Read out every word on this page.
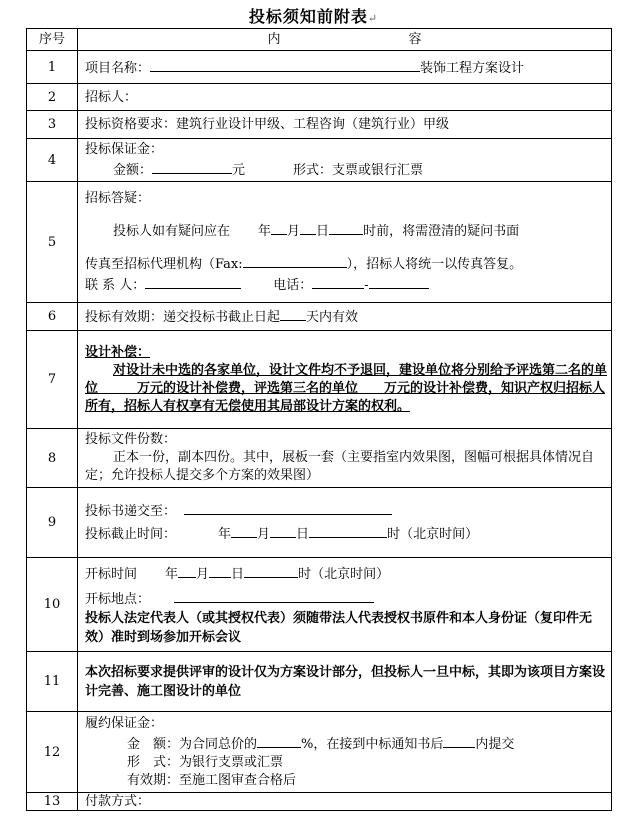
投标须知前附表↵
序号	内 容
1	项目名称： 装饰工程方案设计
2	招标人：
3	投标资格要求：建筑行业设计甲级、工程咨询（建筑行业）甲级
4	投标保证金：
金额： 元 形式：支票或银行汇票

5	招标答疑：
投标人如有疑问应在 年 月 日 时前，将需澄清的疑问书面
传真至招标代理机构（Fax: ），招标人将统一以传真答复。
联 系 人： 电话： -

6	投标有效期：递交投标书截止日起 天内有效
7	设计补偿：
对设计未中选的各家单位，设计文件均不予退回，建设单位将分别给予评选第二名的单位　　　万元的设计补偿费，评选第三名的单位　　万元的设计补偿费，知识产权归招标人所有，招标人有权享有无偿使用其局部设计方案的权利。

8	投标文件份数：
正本一份，副本四份。其中，展板一套（主要指室内效果图，图幅可根据具体情况自定；允许投标人提交多个方案的效果图）

9	投标书递交至：
投标截止时间： 年 月 日 时（北京时间）

10	开标时间 年 月 日 时（北京时间）
开标地点：
投标人法定代表人（或其授权代表）须随带法人代表授权书原件和本人身份证（复印件无效）准时到场参加开标会议

11	本次招标要求提供评审的设计仅为方案设计部分，但投标人一旦中标，其即为该项目方案设计完善、施工图设计的单位
12	履约保证金：
金　额：为合同总价的 %，在接到中标通知书后 内提交
形　式：为银行支票或汇票
有效期：至施工图审查合格后

13	付款方式：
